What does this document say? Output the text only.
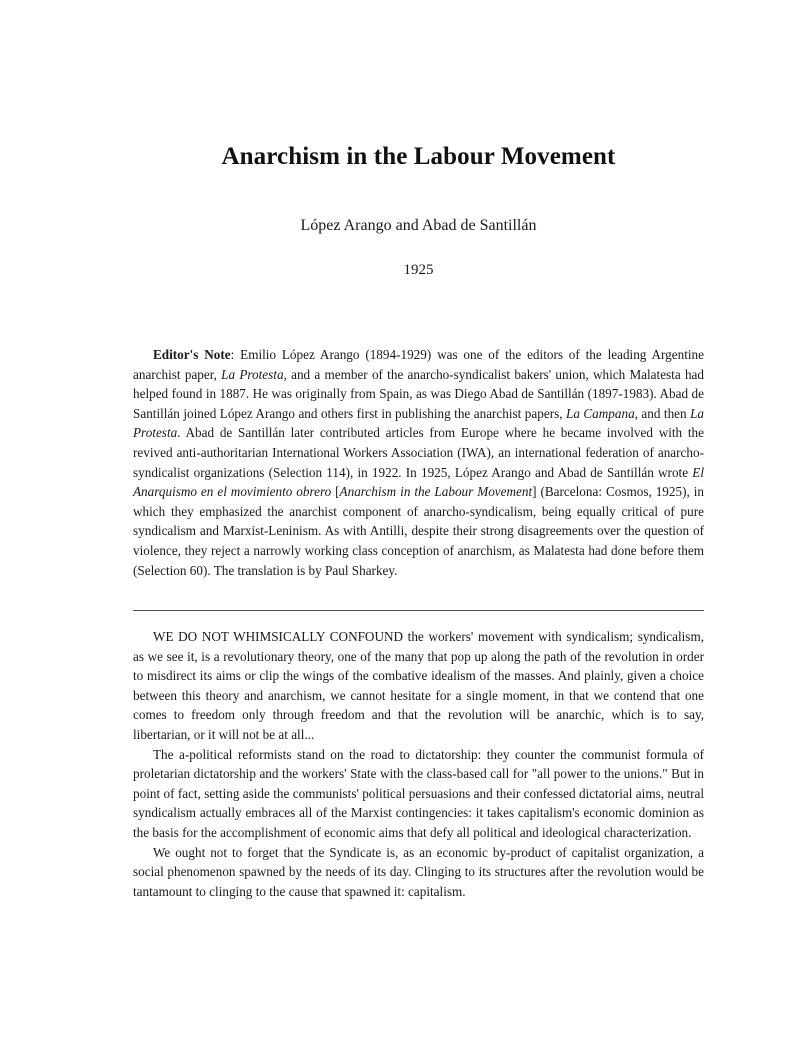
Anarchism in the Labour Movement
López Arango and Abad de Santillán
1925

Editor's Note: Emilio López Arango (1894-1929) was one of the editors of the leading Argentine anarchist paper, La Protesta, and a member of the anarcho-syndicalist bakers' union, which Malatesta had helped found in 1887. He was originally from Spain, as was Diego Abad de Santillán (1897-1983). Abad de Santillán joined López Arango and others first in publishing the anarchist papers, La Campana, and then La Protesta. Abad de Santillán later contributed articles from Europe where he became involved with the revived anti-authoritarian International Workers Association (IWA), an international federation of anarcho-syndicalist organizations (Selection 114), in 1922. In 1925, López Arango and Abad de Santillán wrote El Anarquismo en el movimiento obrero [Anarchism in the Labour Movement] (Barcelona: Cosmos, 1925), in which they emphasized the anarchist component of anarcho-syndicalism, being equally critical of pure syndicalism and Marxist-Leninism. As with Antilli, despite their strong disagreements over the question of violence, they reject a narrowly working class conception of anarchism, as Malatesta had done before them (Selection 60). The translation is by Paul Sharkey.

WE DO NOT WHIMSICALLY CONFOUND the workers' movement with syndicalism; syndicalism, as we see it, is a revolutionary theory, one of the many that pop up along the path of the revolution in order to misdirect its aims or clip the wings of the combative idealism of the masses. And plainly, given a choice between this theory and anarchism, we cannot hesitate for a single moment, in that we contend that one comes to freedom only through freedom and that the revolution will be anarchic, which is to say, libertarian, or it will not be at all...

The a-political reformists stand on the road to dictatorship: they counter the communist formula of proletarian dictatorship and the workers' State with the class-based call for "all power to the unions." But in point of fact, setting aside the communists' political persuasions and their confessed dictatorial aims, neutral syndicalism actually embraces all of the Marxist contingencies: it takes capitalism's economic dominion as the basis for the accomplishment of economic aims that defy all political and ideological characterization.

We ought not to forget that the Syndicate is, as an economic by-product of capitalist organization, a social phenomenon spawned by the needs of its day. Clinging to its structures after the revolution would be tantamount to clinging to the cause that spawned it: capitalism.
